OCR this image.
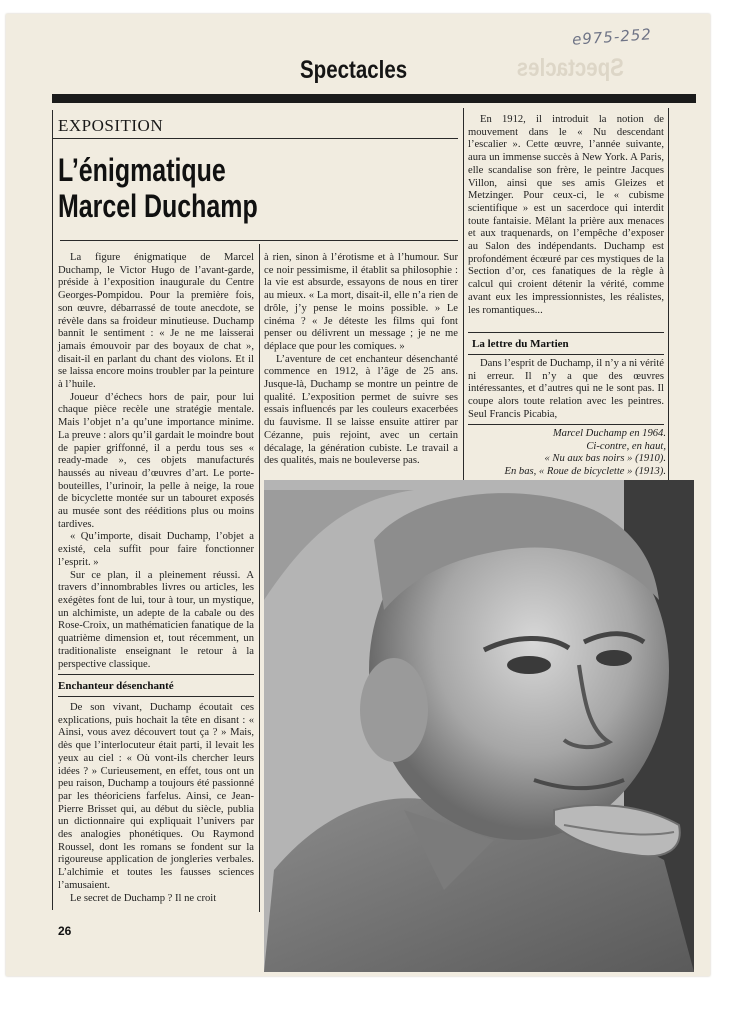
e975-252
Spectacles
Spectacles
EXPOSITION
L’énigmatique
Marcel Duchamp

La figure énigmatique de Marcel Duchamp, le Victor Hugo de l’avant-garde, préside à l’exposition inaugurale du Centre Georges-Pompidou. Pour la première fois, son œuvre, débarrassé de toute anecdote, se révèle dans sa froideur minutieuse. Duchamp bannit le sentiment : « Je ne me laisserai jamais émouvoir par des boyaux de chat », disait-il en parlant du chant des violons. Et il se laissa encore moins troubler par la peinture à l’huile.

Joueur d’échecs hors de pair, pour lui chaque pièce recèle une stratégie mentale. Mais l’objet n’a qu’une importance minime. La preuve : alors qu’il gardait le moindre bout de papier griffonné, il a perdu tous ses « ready-made », ces objets manufacturés haussés au niveau d’œuvres d’art. Le porte-bouteilles, l’urinoir, la pelle à neige, la roue de bicyclette montée sur un tabouret exposés au musée sont des rééditions plus ou moins tardives.

« Qu’importe, disait Duchamp, l’objet a existé, cela suffit pour faire fonctionner l’esprit. »

Sur ce plan, il a pleinement réussi. A travers d’innombrables livres ou articles, les exégètes font de lui, tour à tour, un mystique, un alchimiste, un adepte de la cabale ou des Rose-Croix, un mathématicien fanatique de la quatrième dimension et, tout récemment, un traditionaliste enseignant le retour à la perspective classique.

Enchanteur désenchanté

De son vivant, Duchamp écoutait ces explications, puis hochait la tête en disant : « Ainsi, vous avez découvert tout ça ? » Mais, dès que l’interlocuteur était parti, il levait les yeux au ciel : « Où vont-ils chercher leurs idées ? » Curieusement, en effet, tous ont un peu raison, Duchamp a toujours été passionné par les théoriciens farfelus. Ainsi, ce Jean-Pierre Brisset qui, au début du siècle, publia un dictionnaire qui expliquait l’univers par des analogies phonétiques. Ou Raymond Roussel, dont les romans se fondent sur la rigoureuse application de jongleries verbales. L’alchimie et toutes les fausses sciences l’amusaient.

Le secret de Duchamp ? Il ne croit

à rien, sinon à l’érotisme et à l’humour. Sur ce noir pessimisme, il établit sa philosophie : la vie est absurde, essayons de nous en tirer au mieux. « La mort, disait-il, elle n’a rien de drôle, j’y pense le moins possible. » Le cinéma ? « Je déteste les films qui font penser ou délivrent un message ; je ne me déplace que pour les comiques. »

L’aventure de cet enchanteur désenchanté commence en 1912, à l’âge de 25 ans. Jusque-là, Duchamp se montre un peintre de qualité. L’exposition permet de suivre ses essais influencés par les couleurs exacerbées du fauvisme. Il se laisse ensuite attirer par Cézanne, puis rejoint, avec un certain décalage, la génération cubiste. Le travail a des qualités, mais ne bouleverse pas.

En 1912, il introduit la notion de mouvement dans le « Nu descendant l’escalier ». Cette œuvre, l’année suivante, aura un immense succès à New York. A Paris, elle scandalise son frère, le peintre Jacques Villon, ainsi que ses amis Gleizes et Metzinger. Pour ceux-ci, le « cubisme scientifique » est un sacerdoce qui interdit toute fantaisie. Mêlant la prière aux menaces et aux traquenards, on l’empêche d’exposer au Salon des indépendants. Duchamp est profondément écœuré par ces mystiques de la Section d’or, ces fanatiques de la règle à calcul qui croient détenir la vérité, comme avant eux les impressionnistes, les réalistes, les romantiques...

La lettre du Martien

Dans l’esprit de Duchamp, il n’y a ni vérité ni erreur. Il n’y a que des œuvres intéressantes, et d’autres qui ne le sont pas. Il coupe alors toute relation avec les peintres. Seul Francis Picabia,

Marcel Duchamp en 1964.
Ci-contre, en haut,
« Nu aux bas noirs » (1910).
En bas, « Roue de bicyclette » (1913).
26
